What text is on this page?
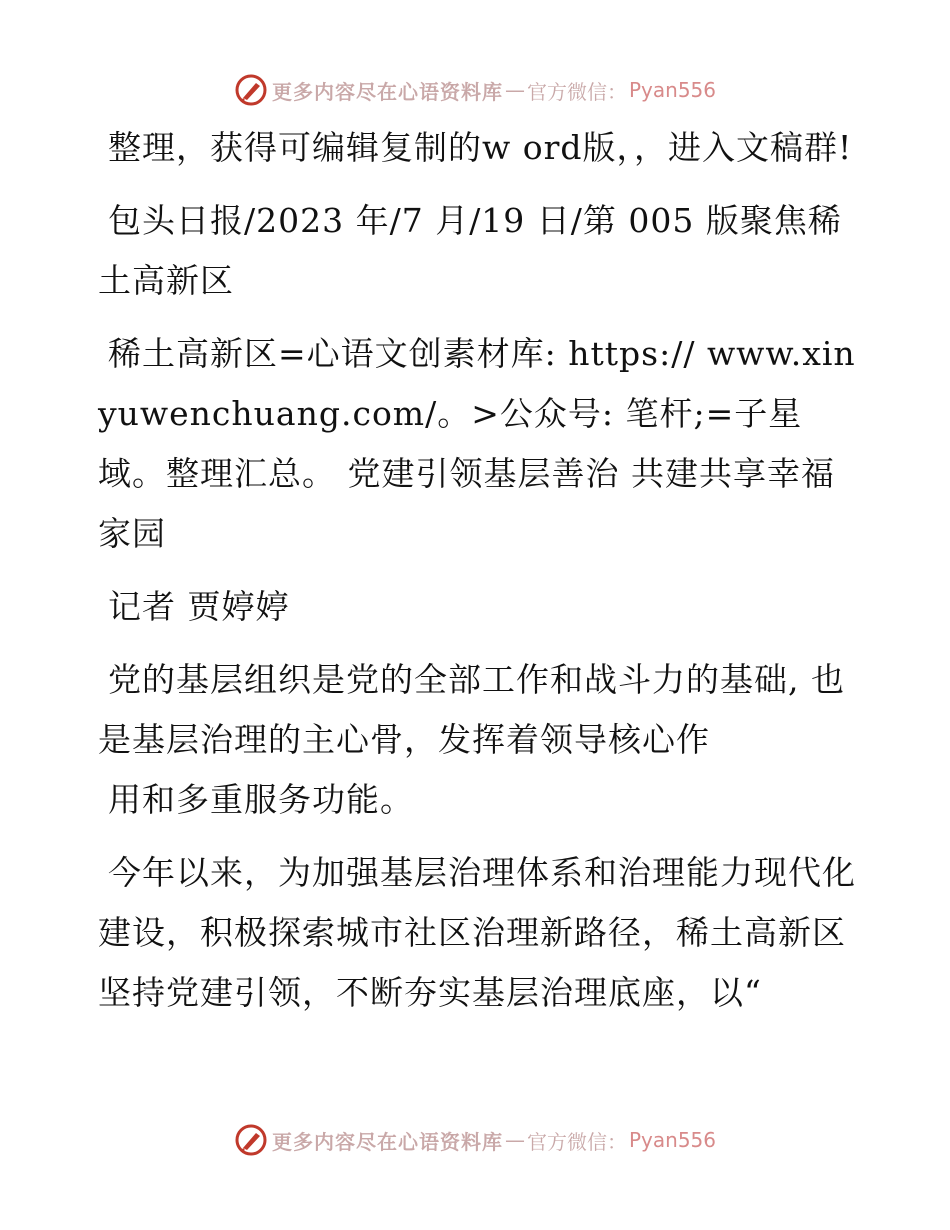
更多内容尽在心语资料库 — 官方微信： Pyan556

整理，获得可编辑复制的w ord版，，进入文稿群!

包头日报/2023 年/7 月/19 日/第 005 版聚焦稀土高新区

稀土高新区=心语文创素材库: https:// www.xinyuwenchuang.com/。>公众号: 笔杆;=子星域。整理汇总。 党建引领基层善治 共建共享幸福家园

记者 贾婷婷

党的基层组织是党的全部工作和战斗力的基础, 也是基层治理的主心骨，发挥着领导核心作

用和多重服务功能。

今年以来，为加强基层治理体系和治理能力现代化建设，积极探索城市社区治理新路径，稀土高新区坚持党建引领，不断夯实基层治理底座，以“

更多内容尽在心语资料库 — 官方微信： Pyan556
